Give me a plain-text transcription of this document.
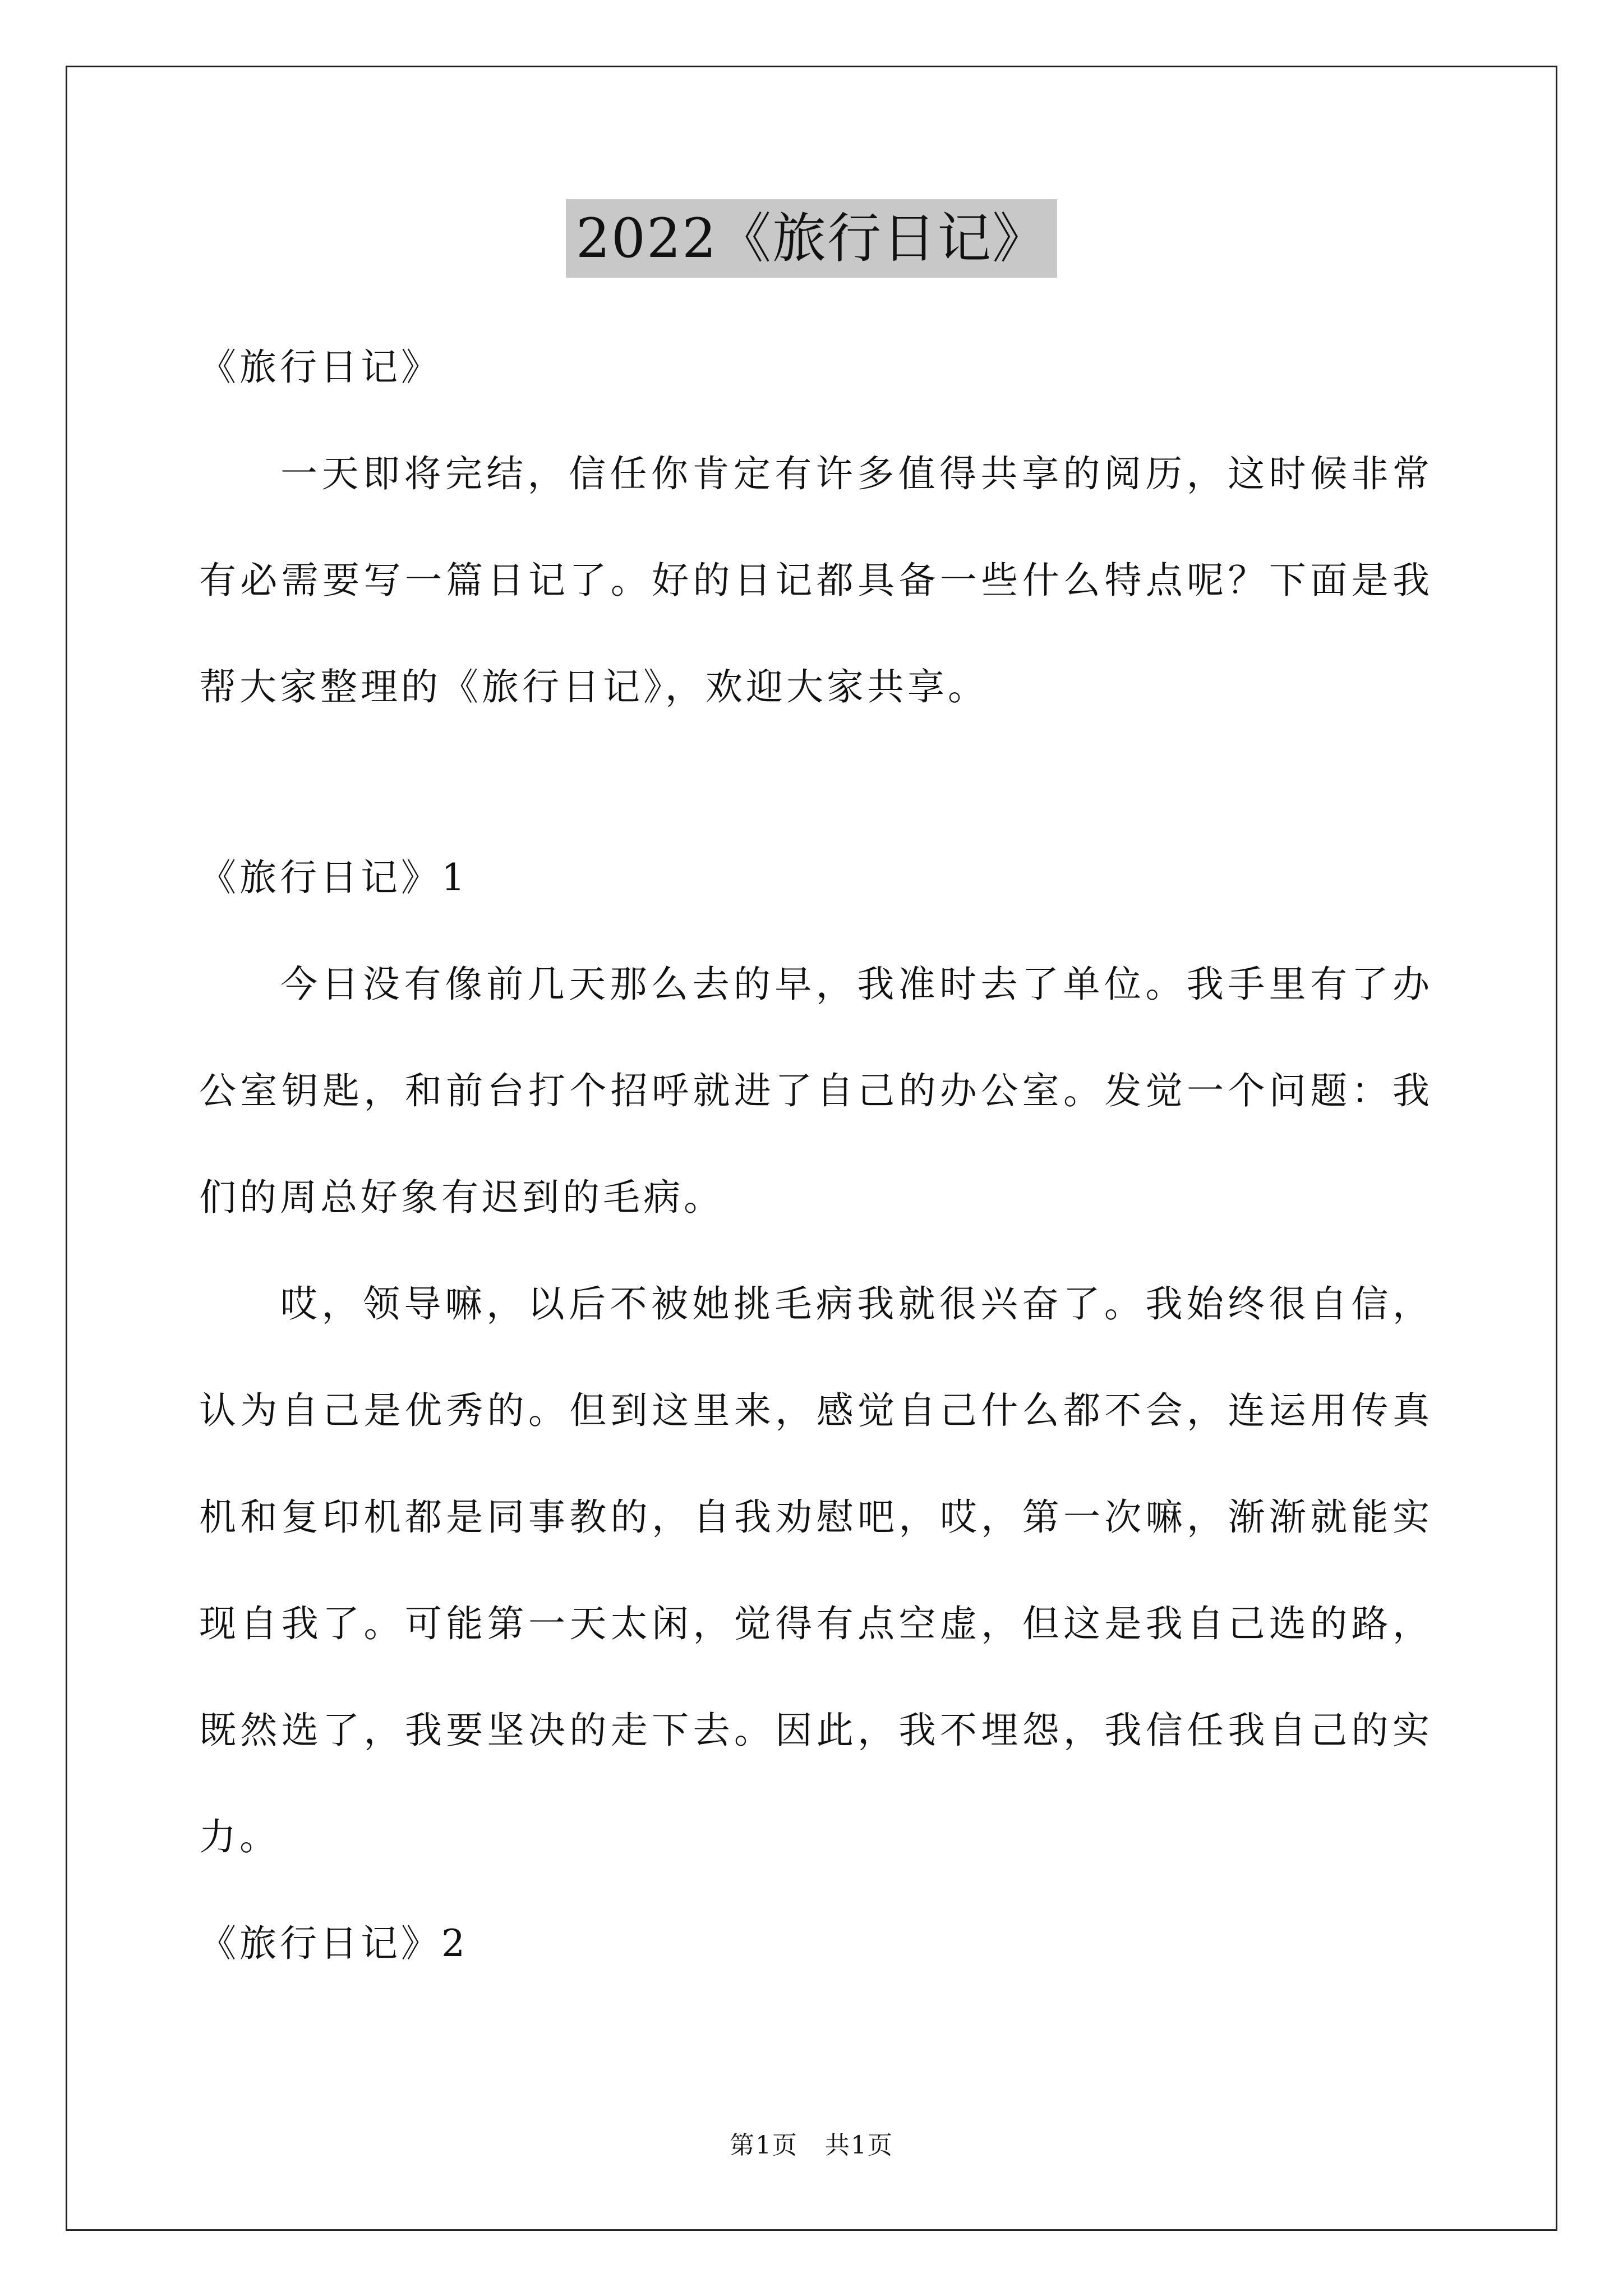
2022《旅行日记》
《旅行日记》
一天即将完结，信任你肯定有许多值得共享的阅历，这时候非常
有必需要写一篇日记了。好的日记都具备一些什么特点呢？下面是我
帮大家整理的《旅行日记》，欢迎大家共享。
《旅行日记》1
今日没有像前几天那么去的早，我准时去了单位。我手里有了办
公室钥匙，和前台打个招呼就进了自己的办公室。发觉一个问题：我
们的周总好象有迟到的毛病。
哎，领导嘛，以后不被她挑毛病我就很兴奋了。我始终很自信，
认为自己是优秀的。但到这里来，感觉自己什么都不会，连运用传真
机和复印机都是同事教的，自我劝慰吧，哎，第一次嘛，渐渐就能实
现自我了。可能第一天太闲，觉得有点空虚，但这是我自己选的路，
既然选了，我要坚决的走下去。因此，我不埋怨，我信任我自己的实
力。
《旅行日记》2
第1页 共1页
